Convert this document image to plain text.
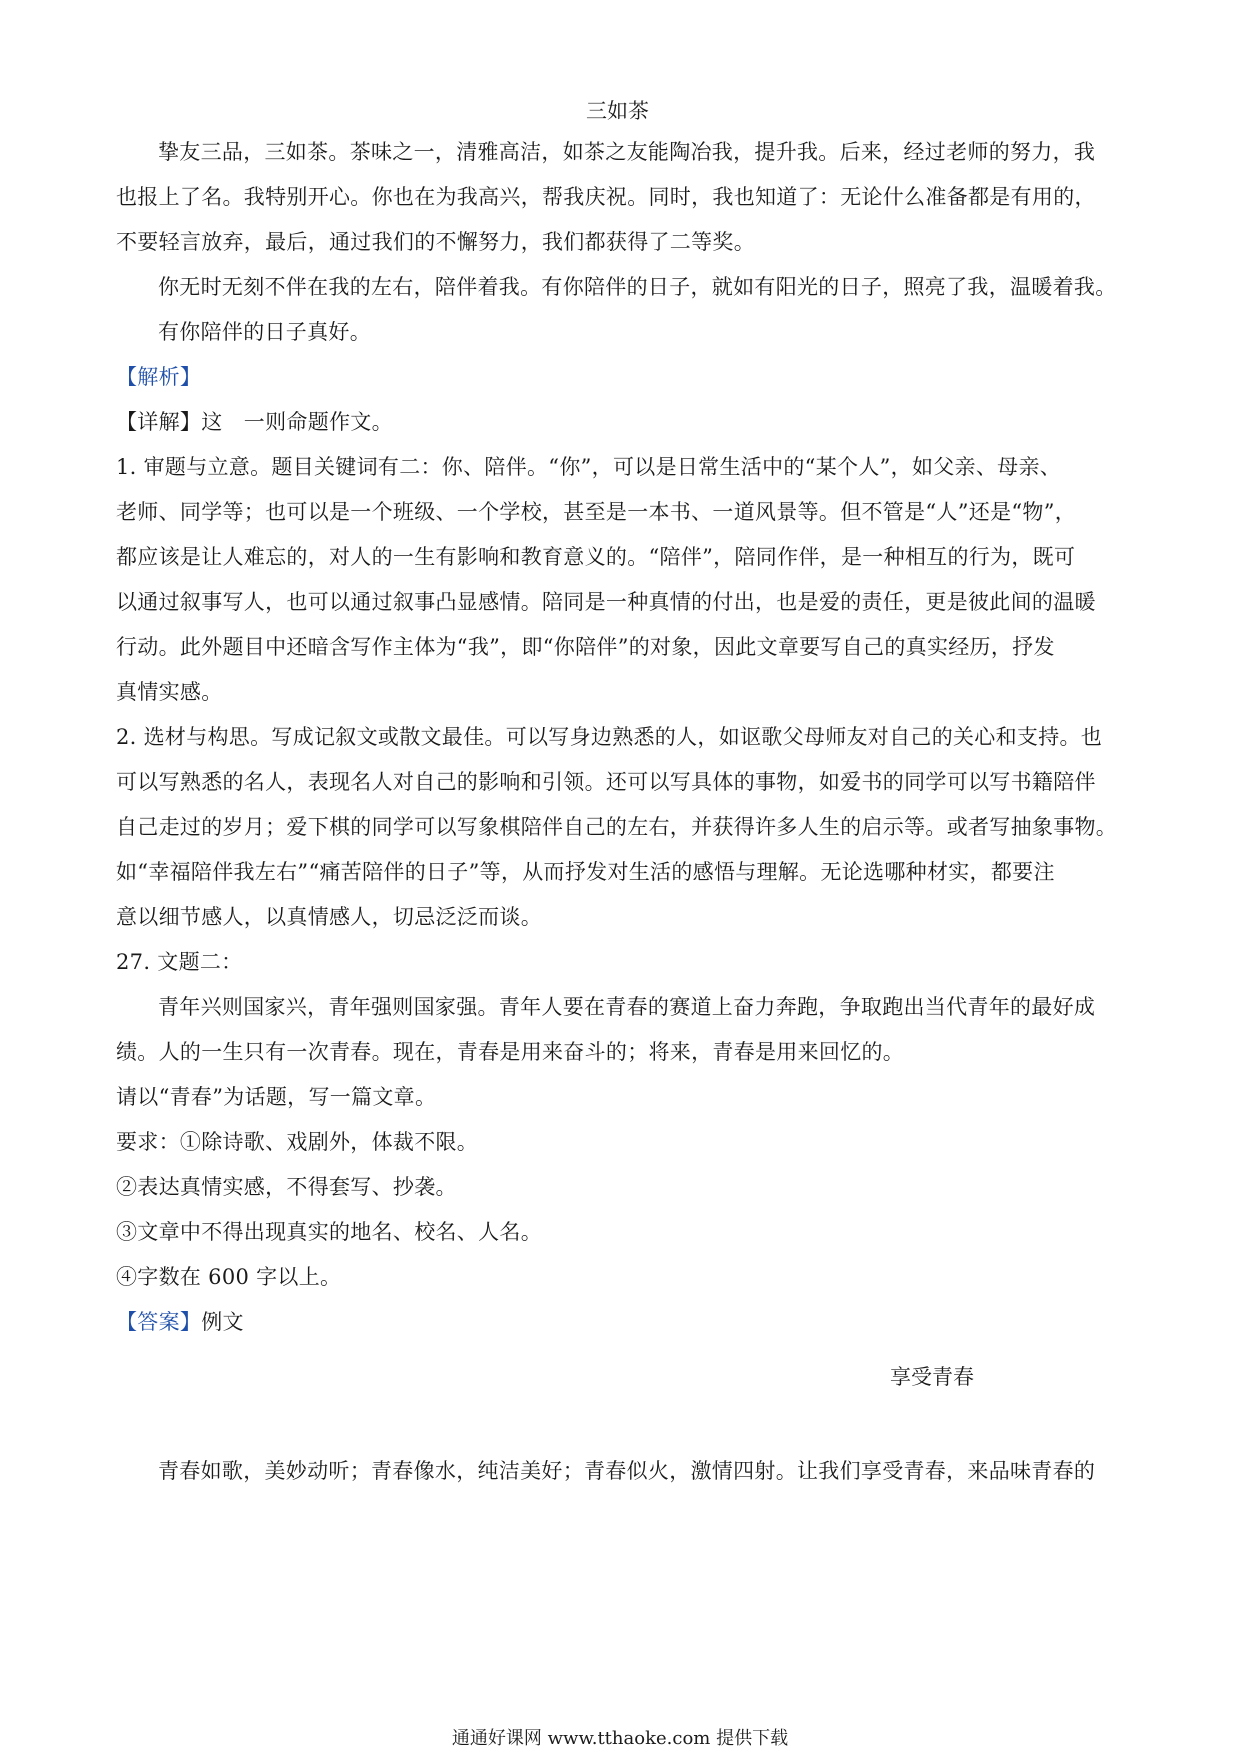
三如茶
挚友三品，三如茶。茶味之一，清雅高洁，如茶之友能陶冶我，提升我。后来，经过老师的努力，我
也报上了名。我特别开心。你也在为我高兴，帮我庆祝。同时，我也知道了：无论什么准备都是有用的，
不要轻言放弃，最后，通过我们的不懈努力，我们都获得了二等奖。
你无时无刻不伴在我的左右，陪伴着我。有你陪伴的日子，就如有阳光的日子，照亮了我，温暖着我。
有你陪伴的日子真好。
【解析】
【详解】这　一则命题作文。
1. 审题与立意。题目关键词有二：你、陪伴。“你”，可以是日常生活中的“某个人”，如父亲、母亲、
老师、同学等；也可以是一个班级、一个学校，甚至是一本书、一道风景等。但不管是“人”还是“物”，
都应该是让人难忘的，对人的一生有影响和教育意义的。“陪伴”，陪同作伴，是一种相互的行为，既可
以通过叙事写人，也可以通过叙事凸显感情。陪同是一种真情的付出，也是爱的责任，更是彼此间的温暖
行动。此外题目中还暗含写作主体为“我”，即“你陪伴”的对象，因此文章要写自己的真实经历，抒发
真情实感。
2. 选材与构思。写成记叙文或散文最佳。可以写身边熟悉的人，如讴歌父母师友对自己的关心和支持。也
可以写熟悉的名人，表现名人对自己的影响和引领。还可以写具体的事物，如爱书的同学可以写书籍陪伴
自己走过的岁月；爱下棋的同学可以写象棋陪伴自己的左右，并获得许多人生的启示等。或者写抽象事物。
如“幸福陪伴我左右”“痛苦陪伴的日子”等，从而抒发对生活的感悟与理解。无论选哪种材实，都要注
意以细节感人，以真情感人，切忌泛泛而谈。
27. 文题二：
青年兴则国家兴，青年强则国家强。青年人要在青春的赛道上奋力奔跑，争取跑出当代青年的最好成
绩。人的一生只有一次青春。现在，青春是用来奋斗的；将来，青春是用来回忆的。
请以“青春”为话题，写一篇文章。
要求：①除诗歌、戏剧外，体裁不限。
②表达真情实感，不得套写、抄袭。
③文章中不得出现真实的地名、校名、人名。
④字数在 600 字以上。
【答案】例文
享受青春
青春如歌，美妙动听；青春像水，纯洁美好；青春似火，激情四射。让我们享受青春，来品味青春的
通通好课网 www.tthaoke.com 提供下载
